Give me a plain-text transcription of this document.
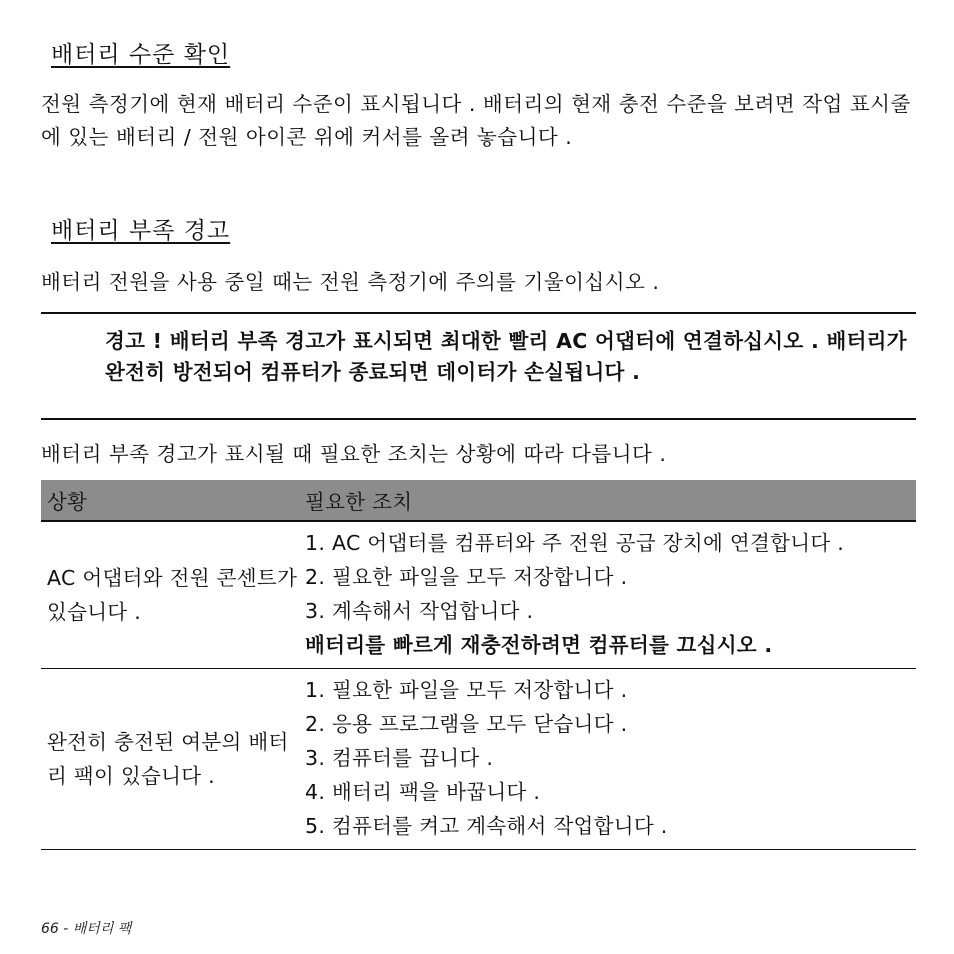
배터리 수준 확인

전원 측정기에 현재 배터리 수준이 표시됩니다 . 배터리의 현재 충전 수준을 보려면 작업 표시줄에 있는 배터리 / 전원 아이콘 위에 커서를 올려 놓습니다 .

배터리 부족 경고

배터리 전원을 사용 중일 때는 전원 측정기에 주의를 기울이십시오 .

경고 ! 배터리 부족 경고가 표시되면 최대한 빨리 AC 어댑터에 연결하십시오 . 배터리가 완전히 방전되어 컴퓨터가 종료되면 데이터가 손실됩니다 .

배터리 부족 경고가 표시될 때 필요한 조치는 상황에 따라 다릅니다 .

상황	필요한 조치
AC 어댑터와 전원 콘센트가 있습니다 .	1. AC 어댑터를 컴퓨터와 주 전원 공급 장치에 연결합니다 .

2. 필요한 파일을 모두 저장합니다 .

3. 계속해서 작업합니다 .

배터리를 빠르게 재충전하려면 컴퓨터를 끄십시오 .

완전히 충전된 여분의 배터리 팩이 있습니다 .	1. 필요한 파일을 모두 저장합니다 .

2. 응용 프로그램을 모두 닫습니다 .

3. 컴퓨터를 끕니다 .

4. 배터리 팩을 바꿉니다 .

5. 컴퓨터를 켜고 계속해서 작업합니다 .

66 - 배터리 팩
